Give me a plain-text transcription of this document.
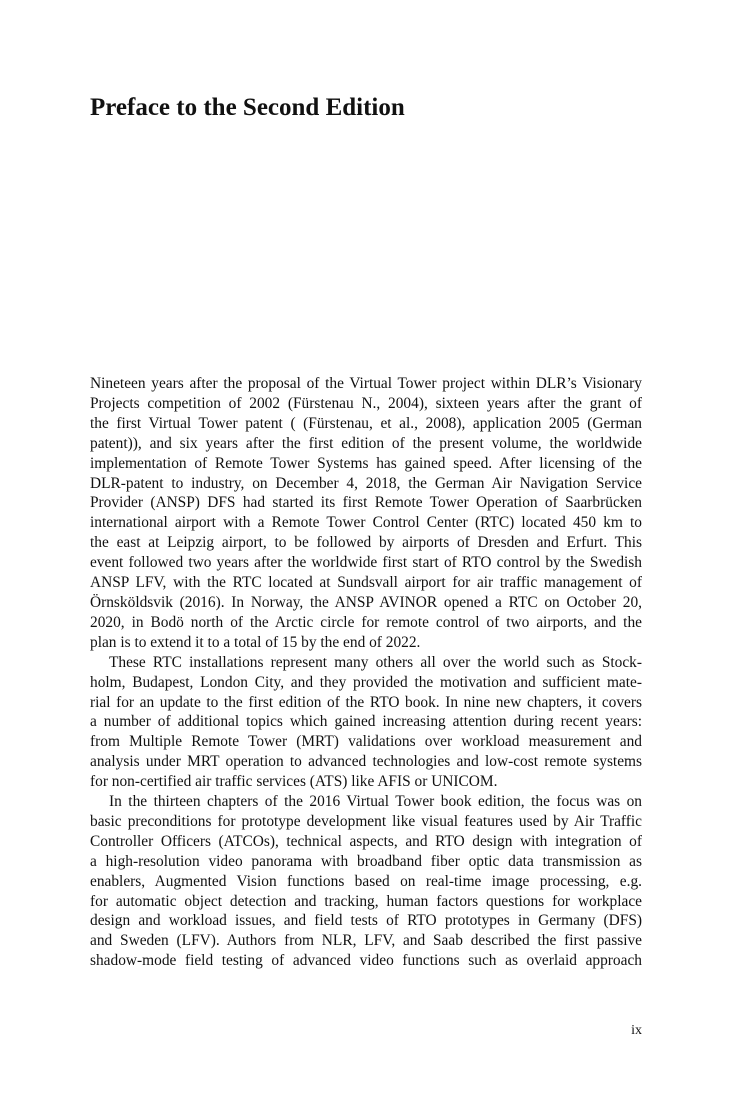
Preface to the Second Edition
Nineteen years after the proposal of the Virtual Tower project within DLR’s Visionary
Projects competition of 2002 (Fürstenau N., 2004), sixteen years after the grant of
the first Virtual Tower patent ( (Fürstenau, et al., 2008), application 2005 (German
patent)), and six years after the first edition of the present volume, the worldwide
implementation of Remote Tower Systems has gained speed. After licensing of the
DLR-patent to industry, on December 4, 2018, the German Air Navigation Service
Provider (ANSP) DFS had started its first Remote Tower Operation of Saarbrücken
international airport with a Remote Tower Control Center (RTC) located 450 km to
the east at Leipzig airport, to be followed by airports of Dresden and Erfurt. This
event followed two years after the worldwide first start of RTO control by the Swedish
ANSP LFV, with the RTC located at Sundsvall airport for air traffic management of
Örnsköldsvik (2016). In Norway, the ANSP AVINOR opened a RTC on October 20,
2020, in Bodö north of the Arctic circle for remote control of two airports, and the
plan is to extend it to a total of 15 by the end of 2022.
These RTC installations represent many others all over the world such as Stock-
holm, Budapest, London City, and they provided the motivation and sufficient mate-
rial for an update to the first edition of the RTO book. In nine new chapters, it covers
a number of additional topics which gained increasing attention during recent years:
from Multiple Remote Tower (MRT) validations over workload measurement and
analysis under MRT operation to advanced technologies and low-cost remote systems
for non-certified air traffic services (ATS) like AFIS or UNICOM.
In the thirteen chapters of the 2016 Virtual Tower book edition, the focus was on
basic preconditions for prototype development like visual features used by Air Traffic
Controller Officers (ATCOs), technical aspects, and RTO design with integration of
a high-resolution video panorama with broadband fiber optic data transmission as
enablers, Augmented Vision functions based on real-time image processing, e.g.
for automatic object detection and tracking, human factors questions for workplace
design and workload issues, and field tests of RTO prototypes in Germany (DFS)
and Sweden (LFV). Authors from NLR, LFV, and Saab described the first passive
shadow-mode field testing of advanced video functions such as overlaid approach
ix
